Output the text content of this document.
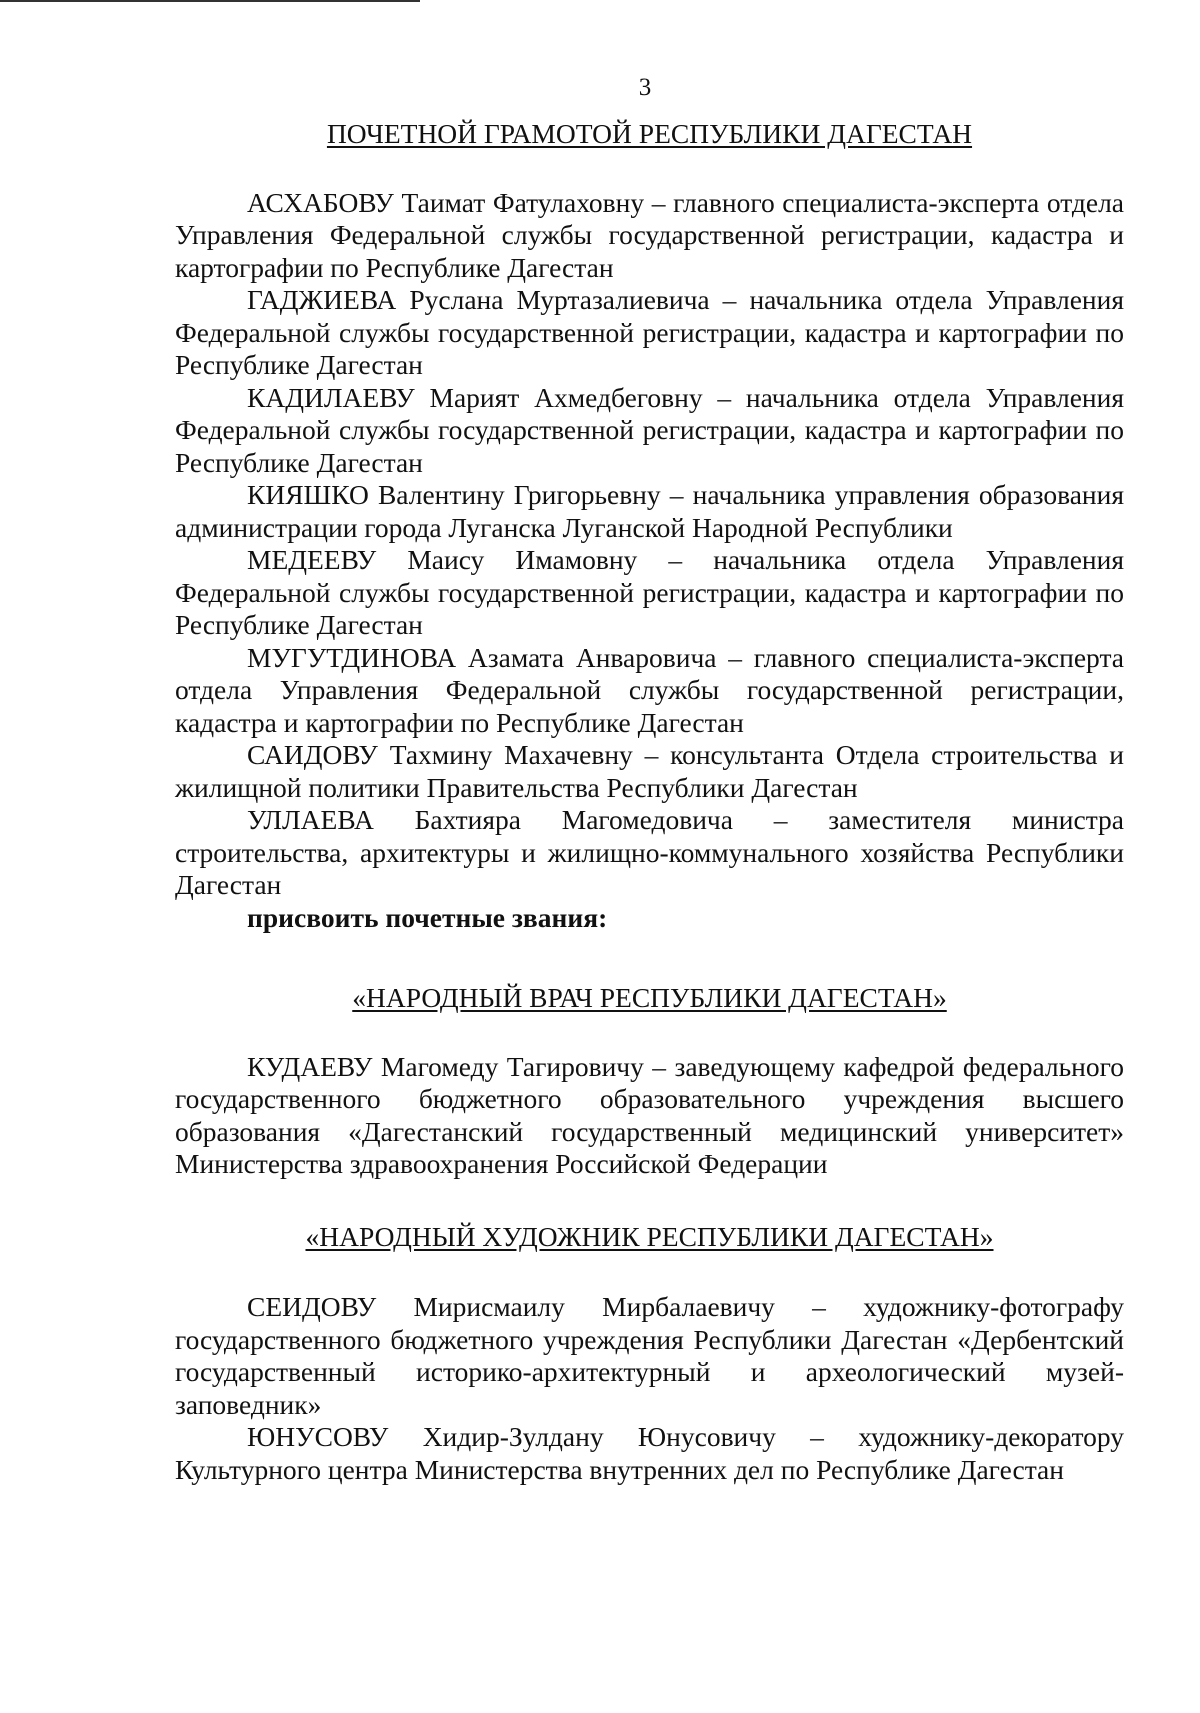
3

ПОЧЕТНОЙ ГРАМОТОЙ РЕСПУБЛИКИ ДАГЕСТАН

АСХАБОВУ Таимат Фатулаховну – главного специалиста-эксперта отдела Управления Федеральной службы государственной регистрации, кадастра и картографии по Республике Дагестан

ГАДЖИЕВА Руслана Муртазалиевича – начальника отдела Управления Федеральной службы государственной регистрации, кадастра и картографии по Республике Дагестан

КАДИЛАЕВУ Марият Ахмедбеговну – начальника отдела Управления Федеральной службы государственной регистрации, кадастра и картографии по Республике Дагестан

КИЯШКО Валентину Григорьевну – начальника управления образования администрации города Луганска Луганской Народной Республики

МЕДЕЕВУ Маису Имамовну – начальника отдела Управления Федеральной службы государственной регистрации, кадастра и картографии по Республике Дагестан

МУГУТДИНОВА Азамата Анваровича – главного специалиста-эксперта отдела Управления Федеральной службы государственной регистрации, кадастра и картографии по Республике Дагестан

САИДОВУ Тахмину Махачевну – консультанта Отдела строительства и жилищной политики Правительства Республики Дагестан

УЛЛАЕВА Бахтияра Магомедовича – заместителя министра строительства, архитектуры и жилищно-коммунального хозяйства Республики Дагестан

присвоить почетные звания:

«НАРОДНЫЙ ВРАЧ РЕСПУБЛИКИ ДАГЕСТАН»

КУДАЕВУ Магомеду Тагировичу – заведующему кафедрой федерального государственного бюджетного образовательного учреждения высшего образования «Дагестанский государственный медицинский университет» Министерства здравоохранения Российской Федерации

«НАРОДНЫЙ ХУДОЖНИК РЕСПУБЛИКИ ДАГЕСТАН»

СЕИДОВУ Мирисмаилу Мирбалаевичу – художнику-фотографу государственного бюджетного учреждения Республики Дагестан «Дербентский государственный историко-архитектурный и археологический музей-заповедник»

ЮНУСОВУ Хидир-Зулдану Юнусовичу – художнику-декоратору Культурного центра Министерства внутренних дел по Республике Дагестан
